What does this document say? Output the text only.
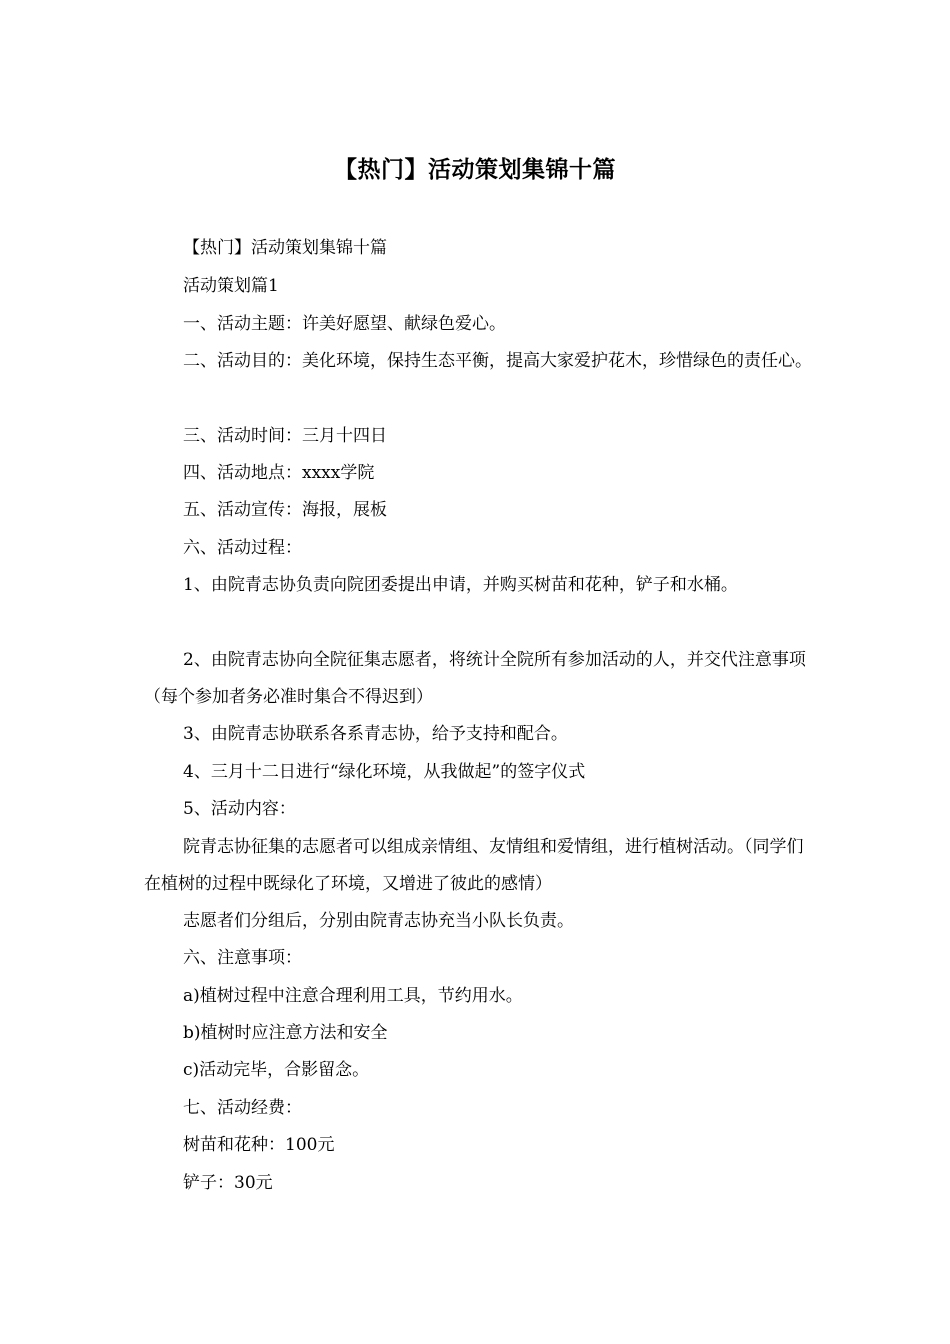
【热门】活动策划集锦十篇
【热门】活动策划集锦十篇
活动策划篇1
一、活动主题：许美好愿望、献绿色爱心。
二、活动目的：美化环境，保持生态平衡，提高大家爱护花木，珍惜绿色的责任心。
三、活动时间：三月十四日
四、活动地点：xxxx学院
五、活动宣传：海报，展板
六、活动过程：
1、由院青志协负责向院团委提出申请，并购买树苗和花种，铲子和水桶。
2、由院青志协向全院征集志愿者，将统计全院所有参加活动的人，并交代注意事项（每个参加者务必准时集合不得迟到）
3、由院青志协联系各系青志协，给予支持和配合。
4、三月十二日进行“绿化环境，从我做起”的签字仪式
5、活动内容：
院青志协征集的志愿者可以组成亲情组、友情组和爱情组，进行植树活动。（同学们在植树的过程中既绿化了环境，又增进了彼此的感情）
志愿者们分组后，分别由院青志协充当小队长负责。
六、注意事项：
a)植树过程中注意合理利用工具，节约用水。
b)植树时应注意方法和安全
c)活动完毕，合影留念。
七、活动经费：
树苗和花种：100元
铲子：30元
